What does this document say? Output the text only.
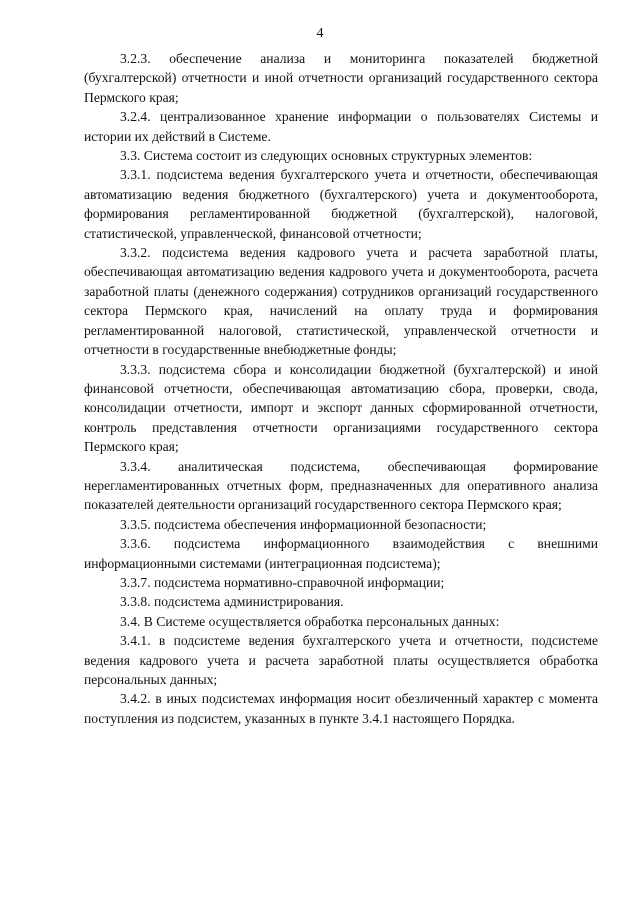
4

3.2.3. обеспечение анализа и мониторинга показателей бюджетной (бухгалтерской) отчетности и иной отчетности организаций государственного сектора Пермского края;

3.2.4. централизованное хранение информации о пользователях Системы и истории их действий в Системе.

3.3. Система состоит из следующих основных структурных элементов:

3.3.1. подсистема ведения бухгалтерского учета и отчетности, обеспечивающая автоматизацию ведения бюджетного (бухгалтерского) учета и документооборота, формирования регламентированной бюджетной (бухгалтерской), налоговой, статистической, управленческой, финансовой отчетности;

3.3.2. подсистема ведения кадрового учета и расчета заработной платы, обеспечивающая автоматизацию ведения кадрового учета и документооборота, расчета заработной платы (денежного содержания) сотрудников организаций государственного сектора Пермского края, начислений на оплату труда и формирования регламентированной налоговой, статистической, управленческой отчетности и отчетности в государственные внебюджетные фонды;

3.3.3. подсистема сбора и консолидации бюджетной (бухгалтерской) и иной финансовой отчетности, обеспечивающая автоматизацию сбора, проверки, свода, консолидации отчетности, импорт и экспорт данных сформированной отчетности, контроль представления отчетности организациями государственного сектора Пермского края;

3.3.4. аналитическая подсистема, обеспечивающая формирование нерегламентированных отчетных форм, предназначенных для оперативного анализа показателей деятельности организаций государственного сектора Пермского края;

3.3.5. подсистема обеспечения информационной безопасности;

3.3.6. подсистема информационного взаимодействия с внешними информационными системами (интеграционная подсистема);

3.3.7. подсистема нормативно-справочной информации;

3.3.8. подсистема администрирования.

3.4. В Системе осуществляется обработка персональных данных:

3.4.1. в подсистеме ведения бухгалтерского учета и отчетности, подсистеме ведения кадрового учета и расчета заработной платы осуществляется обработка персональных данных;

3.4.2. в иных подсистемах информация носит обезличенный характер с момента поступления из подсистем, указанных в пункте 3.4.1 настоящего Порядка.
